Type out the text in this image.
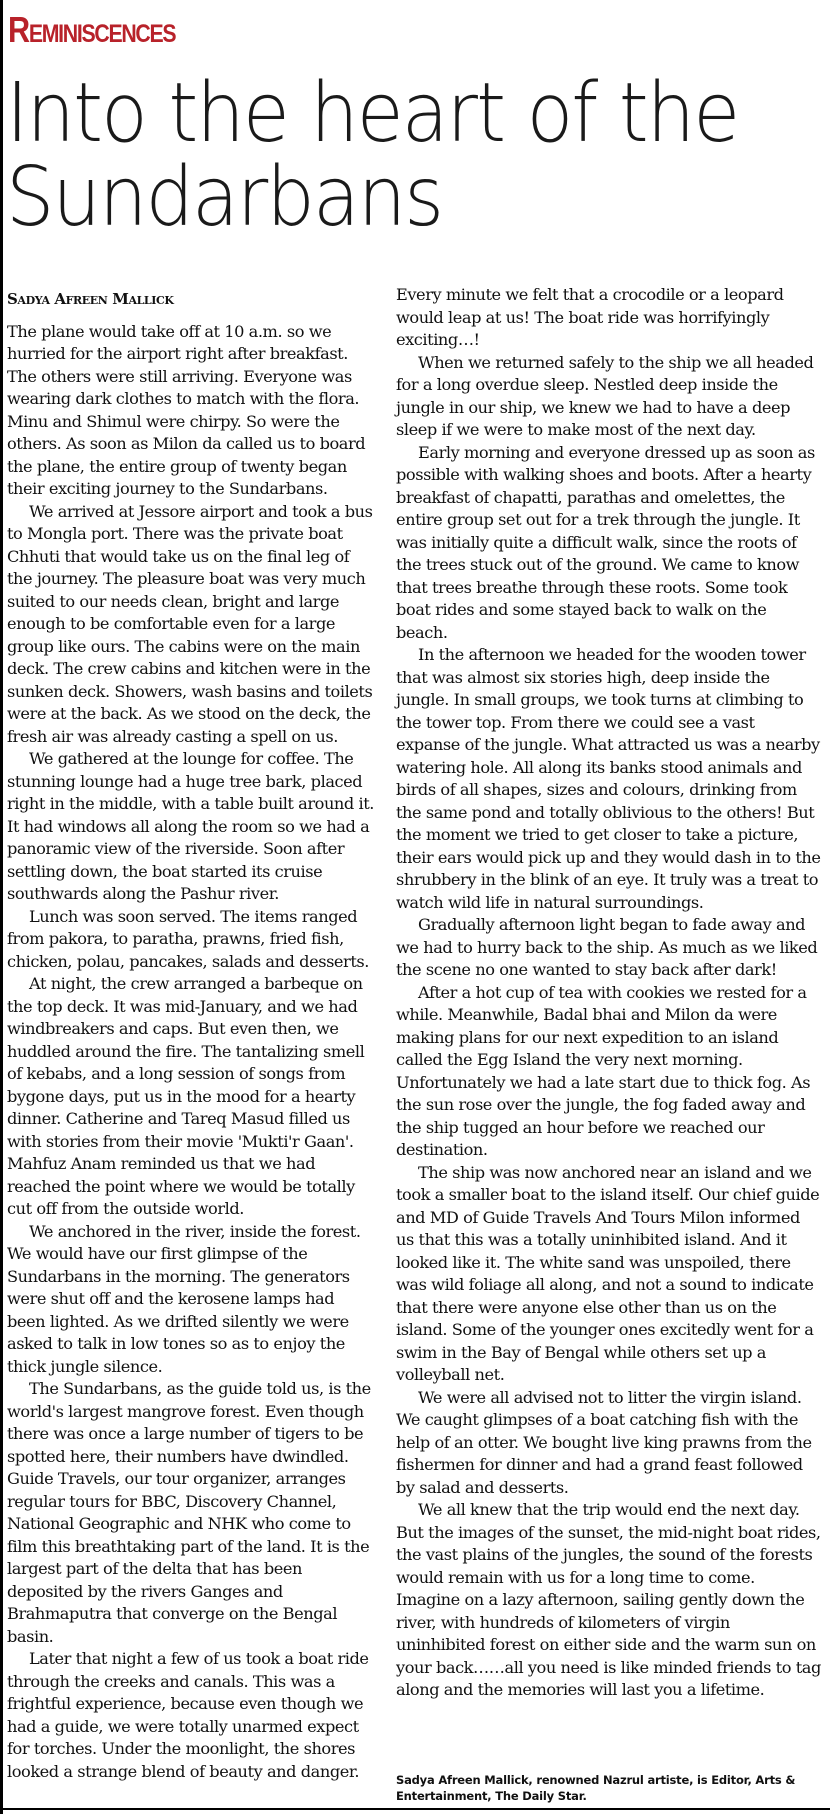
Reminiscences
Into the heart of the Sundarbans
Sadya Afreen Mallick

The plane would take off at 10 a.m. so we hurried for the airport right after breakfast. The others were still arriving. Everyone was wearing dark clothes to match with the flora. Minu and Shimul were chirpy. So were the others. As soon as Milon da called us to board the plane, the entire group of twenty began their exciting journey to the Sundarbans.

We arrived at Jessore airport and took a bus to Mongla port. There was the private boat Chhuti that would take us on the final leg of the journey. The pleasure boat was very much suited to our needs clean, bright and large enough to be comfortable even for a large group like ours. The cabins were on the main deck. The crew cabins and kitchen were in the sunken deck. Showers, wash basins and toilets were at the back. As we stood on the deck, the fresh air was already casting a spell on us.

We gathered at the lounge for coffee. The stunning lounge had a huge tree bark, placed right in the middle, with a table built around it. It had windows all along the room so we had a panoramic view of the riverside. Soon after settling down, the boat started its cruise southwards along the Pashur river.

Lunch was soon served. The items ranged from pakora, to paratha, prawns, fried fish, chicken, polau, pancakes, salads and desserts.

At night, the crew arranged a barbeque on the top deck. It was mid-January, and we had windbreakers and caps. But even then, we huddled around the fire. The tantalizing smell of kebabs, and a long session of songs from bygone days, put us in the mood for a hearty dinner. Catherine and Tareq Masud filled us with stories from their movie 'Mukti'r Gaan'. Mahfuz Anam reminded us that we had reached the point where we would be totally cut off from the outside world.

We anchored in the river, inside the forest. We would have our first glimpse of the Sundarbans in the morning. The generators were shut off and the kerosene lamps had been lighted. As we drifted silently we were asked to talk in low tones so as to enjoy the thick jungle silence.

The Sundarbans, as the guide told us, is the world's largest mangrove forest. Even though there was once a large number of tigers to be spotted here, their numbers have dwindled. Guide Travels, our tour organizer, arranges regular tours for BBC, Discovery Channel, National Geographic and NHK who come to film this breathtaking part of the land. It is the largest part of the delta that has been deposited by the rivers Ganges and Brahmaputra that converge on the Bengal basin.

Later that night a few of us took a boat ride through the creeks and canals. This was a frightful experience, because even though we had a guide, we were totally unarmed expect for torches. Under the moonlight, the shores looked a strange blend of beauty and danger.

Every minute we felt that a crocodile or a leopard would leap at us! The boat ride was horrifyingly exciting…!

When we returned safely to the ship we all headed for a long overdue sleep. Nestled deep inside the jungle in our ship, we knew we had to have a deep sleep if we were to make most of the next day.

Early morning and everyone dressed up as soon as possible with walking shoes and boots. After a hearty breakfast of chapatti, parathas and omelettes, the entire group set out for a trek through the jungle. It was initially quite a difficult walk, since the roots of the trees stuck out of the ground. We came to know that trees breathe through these roots. Some took boat rides and some stayed back to walk on the beach.

In the afternoon we headed for the wooden tower that was almost six stories high, deep inside the jungle. In small groups, we took turns at climbing to the tower top. From there we could see a vast expanse of the jungle. What attracted us was a nearby watering hole. All along its banks stood animals and birds of all shapes, sizes and colours, drinking from the same pond and totally oblivious to the others! But the moment we tried to get closer to take a picture, their ears would pick up and they would dash in to the shrubbery in the blink of an eye. It truly was a treat to watch wild life in natural surroundings.

Gradually afternoon light began to fade away and we had to hurry back to the ship. As much as we liked the scene no one wanted to stay back after dark!

After a hot cup of tea with cookies we rested for a while. Meanwhile, Badal bhai and Milon da were making plans for our next expedition to an island called the Egg Island the very next morning. Unfortunately we had a late start due to thick fog. As the sun rose over the jungle, the fog faded away and the ship tugged an hour before we reached our destination.

The ship was now anchored near an island and we took a smaller boat to the island itself. Our chief guide and MD of Guide Travels And Tours Milon informed us that this was a totally uninhibited island. And it looked like it. The white sand was unspoiled, there was wild foliage all along, and not a sound to indicate that there were anyone else other than us on the island. Some of the younger ones excitedly went for a swim in the Bay of Bengal while others set up a volleyball net.

We were all advised not to litter the virgin island. We caught glimpses of a boat catching fish with the help of an otter. We bought live king prawns from the fishermen for dinner and had a grand feast followed by salad and desserts.

We all knew that the trip would end the next day. But the images of the sunset, the mid-night boat rides, the vast plains of the jungles, the sound of the forests would remain with us for a long time to come. Imagine on a lazy afternoon, sailing gently down the river, with hundreds of kilometers of virgin uninhibited forest on either side and the warm sun on your back……all you need is like minded friends to tag along and the memories will last you a lifetime.

Sadya Afreen Mallick, renowned Nazrul artiste, is Editor, Arts & Entertainment, The Daily Star.
